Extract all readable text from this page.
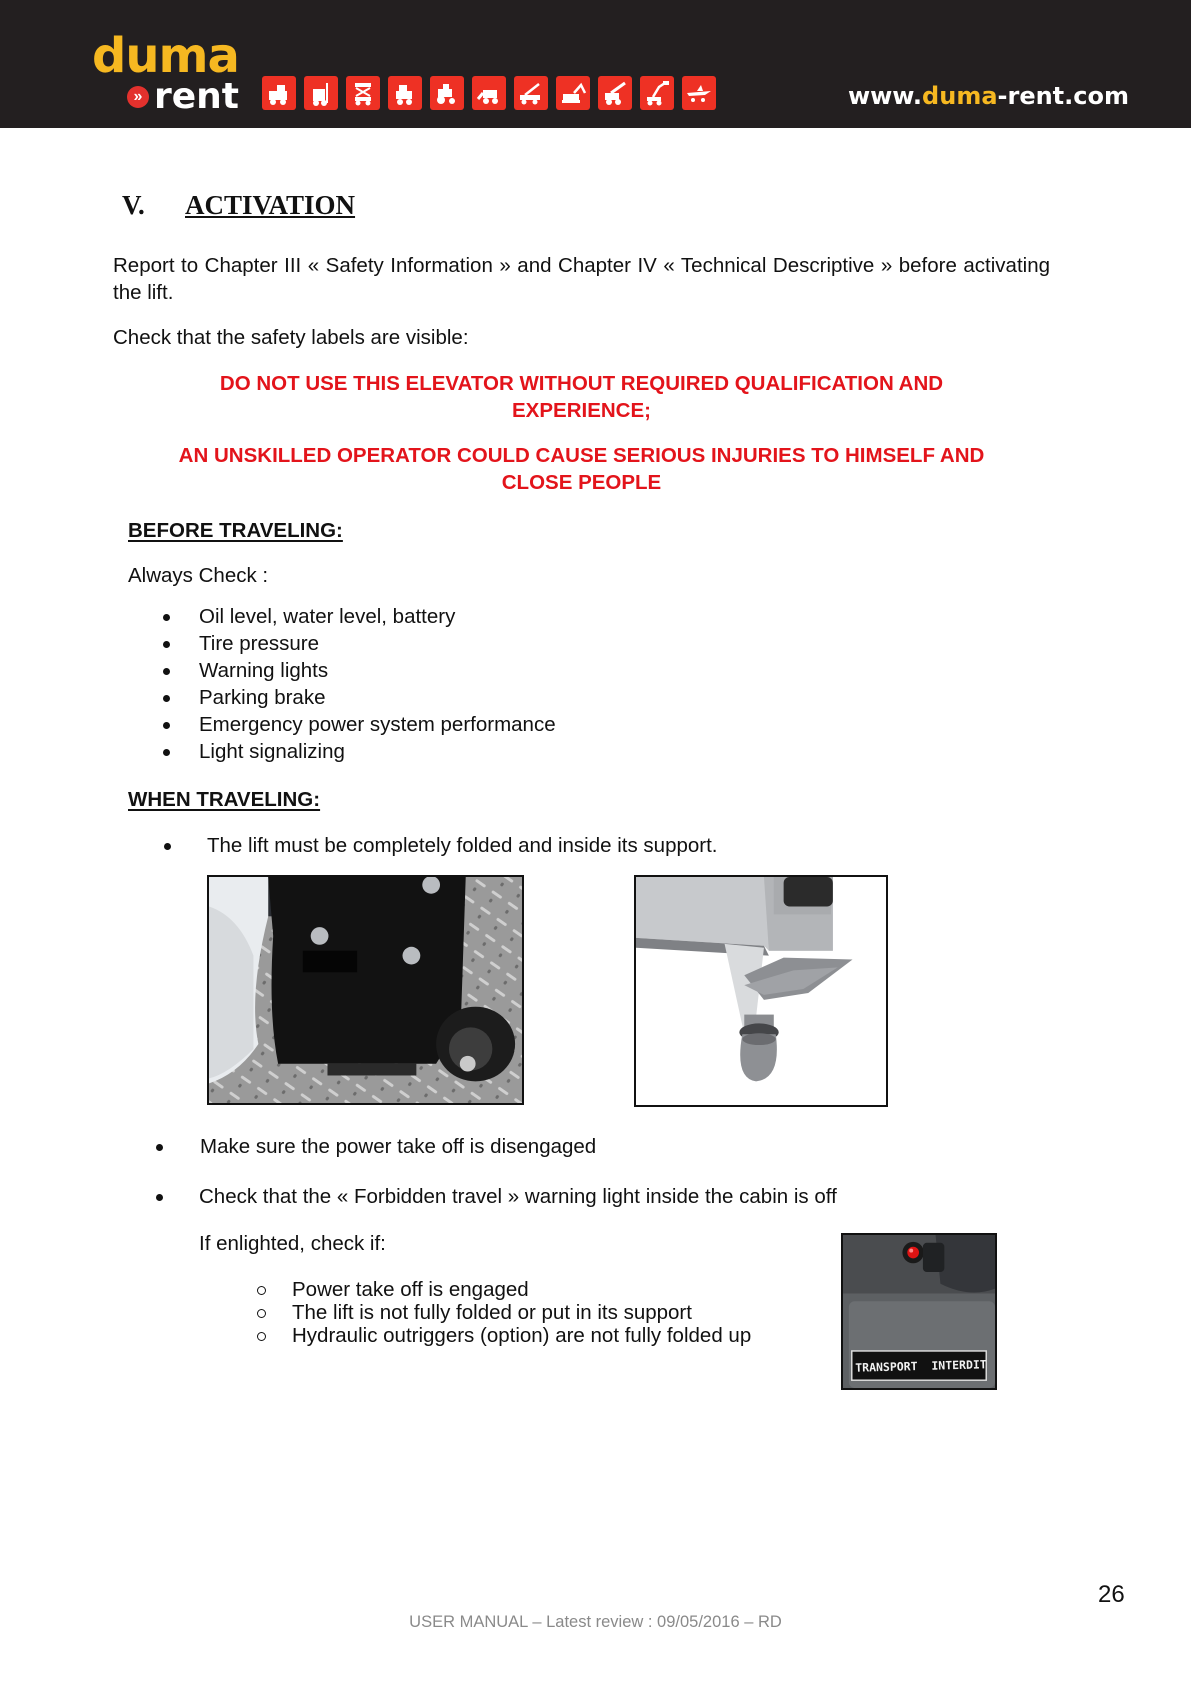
duma
» rent	www.duma-rent.com
V. ACTIVATION
Report to Chapter III « Safety Information » and Chapter IV « Technical Descriptive » before activating the lift.
Check that the safety labels are visible:
DO NOT USE THIS ELEVATOR WITHOUT REQUIRED QUALIFICATION AND
EXPERIENCE;
AN UNSKILLED OPERATOR COULD CAUSE SERIOUS INJURIES TO HIMSELF AND
CLOSE PEOPLE
BEFORE TRAVELING:
Always Check :
Oil level, water level, battery
Tire pressure
Warning lights
Parking brake
Emergency power system performance
Light signalizing
WHEN TRAVELING:
The lift must be completely folded and inside its support.
Make sure the power take off is disengaged
Check that the « Forbidden travel » warning light inside the cabin is off
If enlighted, check if:
Power take off is engaged
The lift is not fully folded or put in its support
Hydraulic outriggers (option) are not fully folded up
TRANSPORT  INTERDIT
26
USER MANUAL – Latest review : 09/05/2016 – RD
